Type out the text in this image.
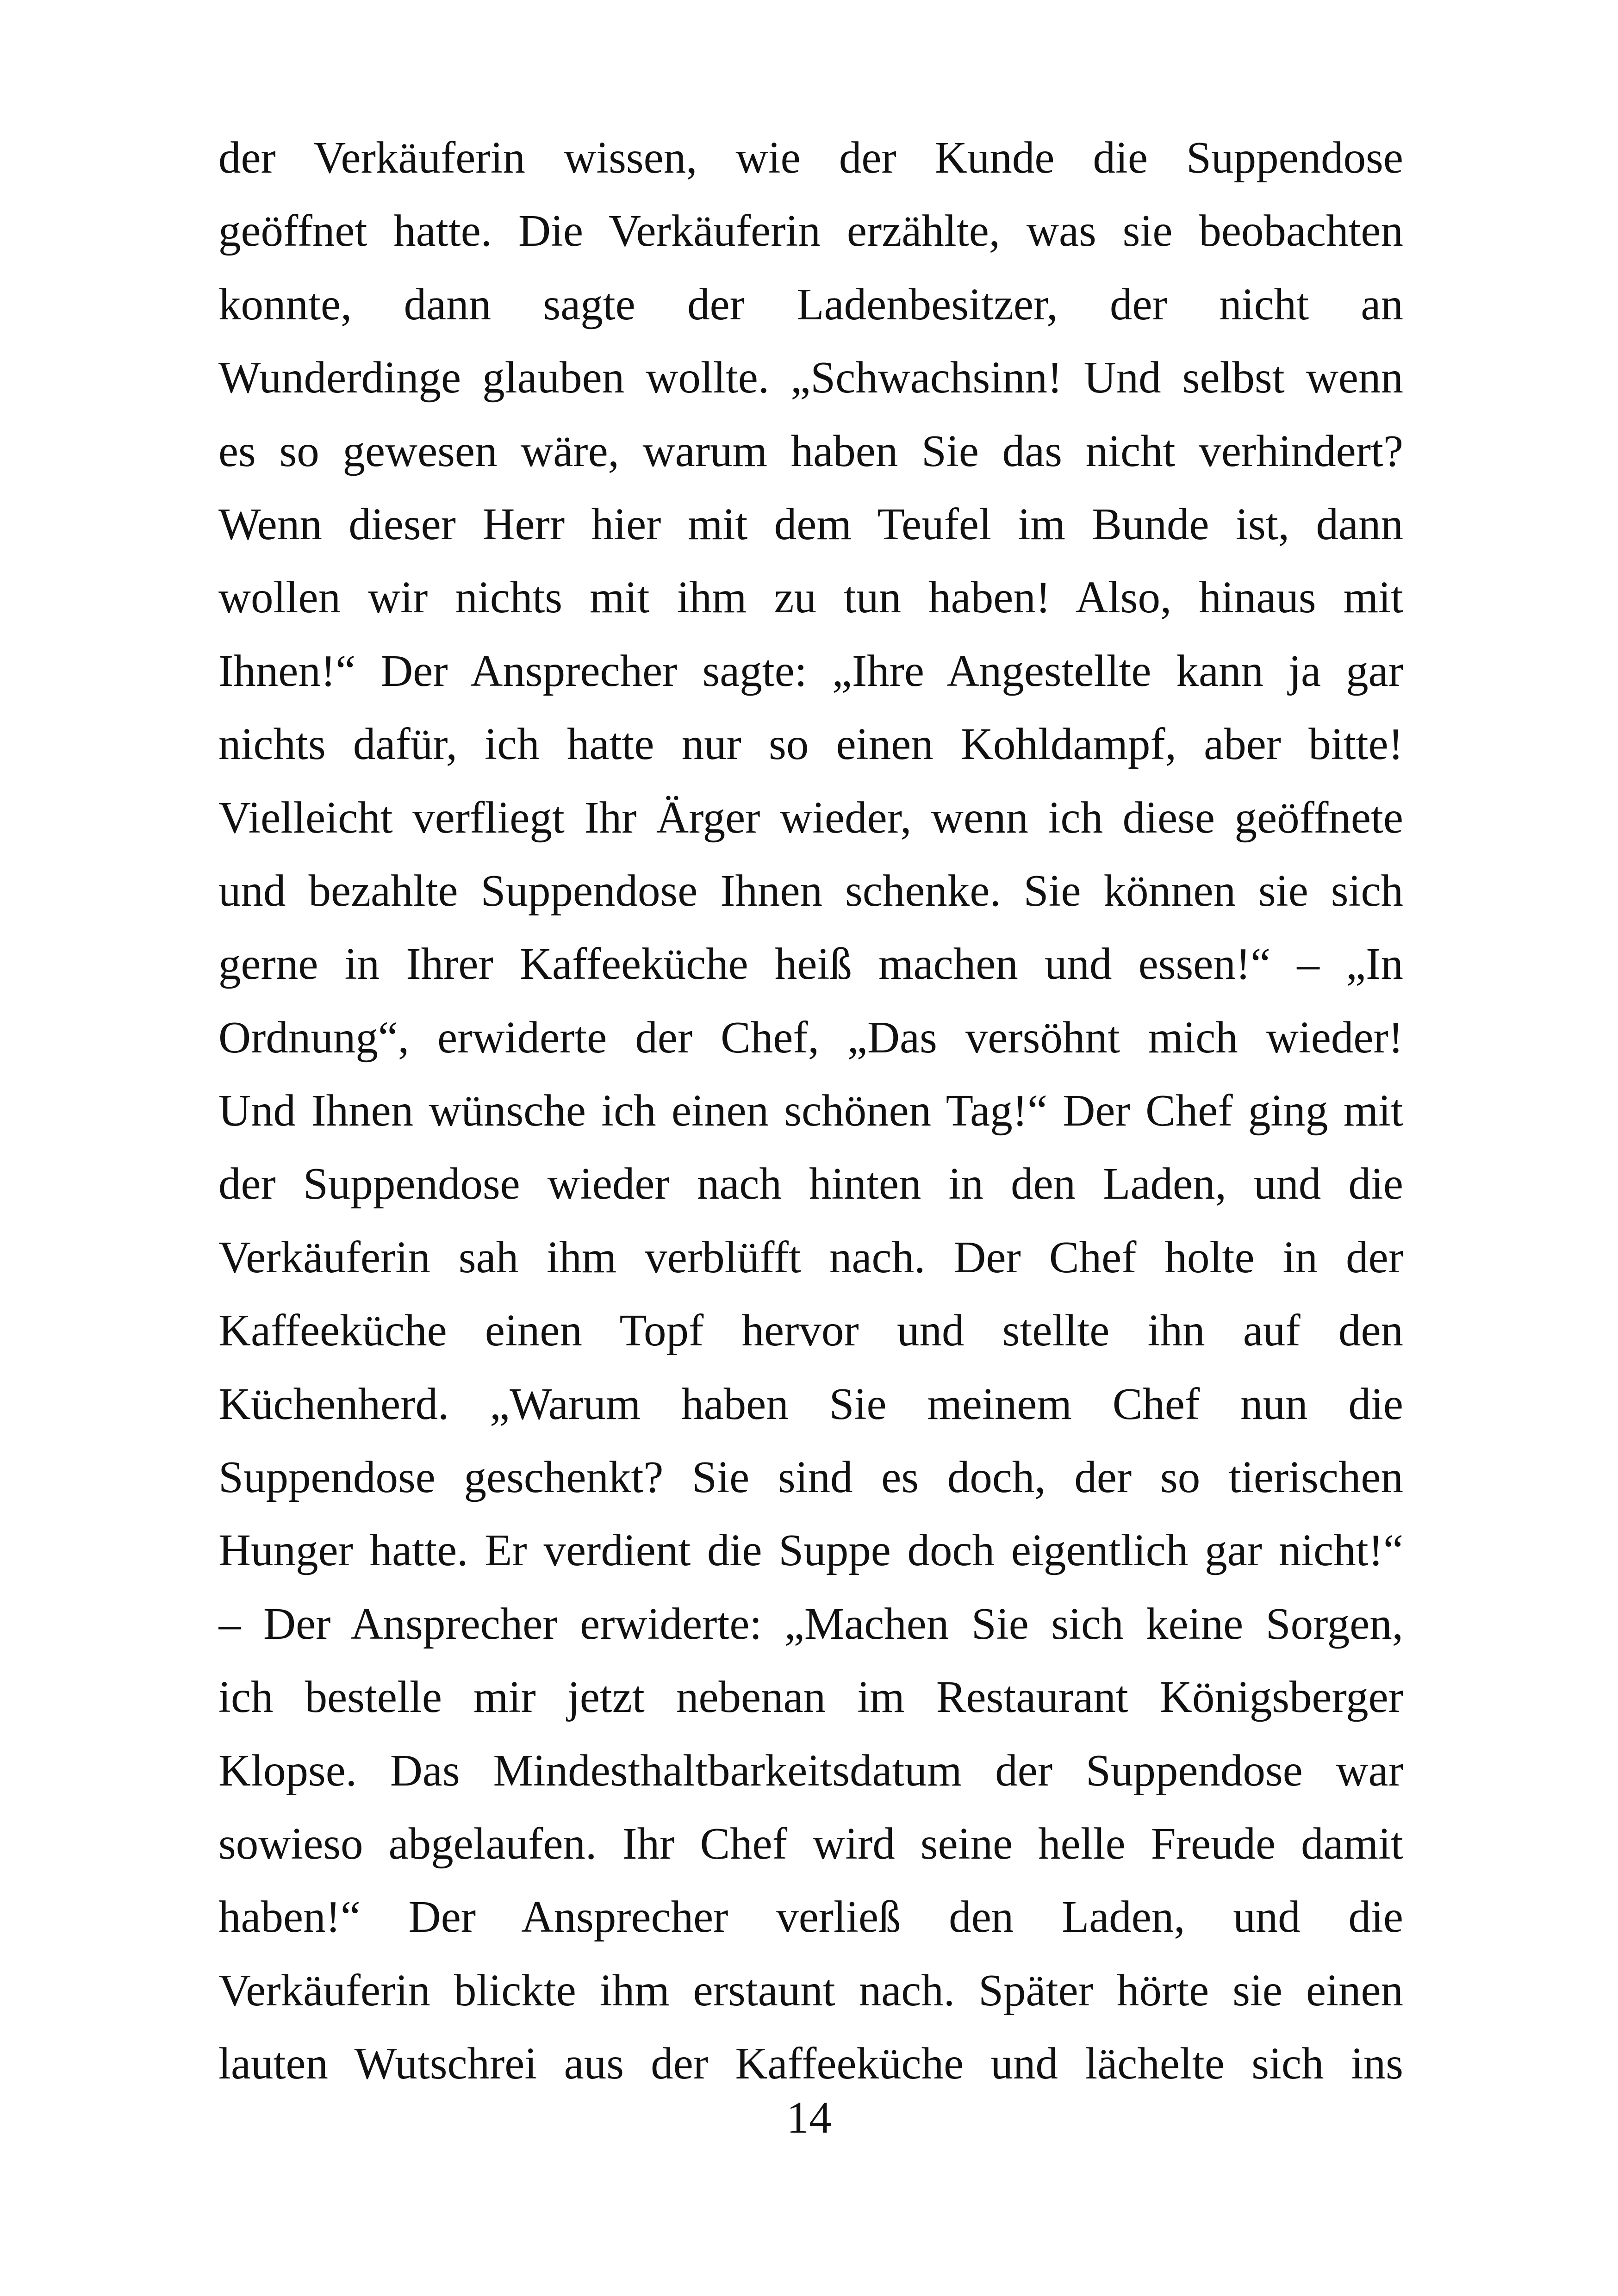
der Verkäuferin wissen, wie der Kunde die Suppendose
geöffnet hatte. Die Verkäuferin erzählte, was sie beobachten
konnte, dann sagte der Ladenbesitzer, der nicht an
Wunderdinge glauben wollte. „Schwachsinn! Und selbst wenn
es so gewesen wäre, warum haben Sie das nicht verhindert?
Wenn dieser Herr hier mit dem Teufel im Bunde ist, dann
wollen wir nichts mit ihm zu tun haben! Also, hinaus mit
Ihnen!“ Der Ansprecher sagte: „Ihre Angestellte kann ja gar
nichts dafür, ich hatte nur so einen Kohldampf, aber bitte!
Vielleicht verfliegt Ihr Ärger wieder, wenn ich diese geöffnete
und bezahlte Suppendose Ihnen schenke. Sie können sie sich
gerne in Ihrer Kaffeeküche heiß machen und essen!“ – „In
Ordnung“, erwiderte der Chef, „Das versöhnt mich wieder!
Und Ihnen wünsche ich einen schönen Tag!“ Der Chef ging mit
der Suppendose wieder nach hinten in den Laden, und die
Verkäuferin sah ihm verblüfft nach. Der Chef holte in der
Kaffeeküche einen Topf hervor und stellte ihn auf den
Küchenherd. „Warum haben Sie meinem Chef nun die
Suppendose geschenkt? Sie sind es doch, der so tierischen
Hunger hatte. Er verdient die Suppe doch eigentlich gar nicht!“
– Der Ansprecher erwiderte: „Machen Sie sich keine Sorgen,
ich bestelle mir jetzt nebenan im Restaurant Königsberger
Klopse. Das Mindesthaltbarkeitsdatum der Suppendose war
sowieso abgelaufen. Ihr Chef wird seine helle Freude damit
haben!“ Der Ansprecher verließ den Laden, und die
Verkäuferin blickte ihm erstaunt nach. Später hörte sie einen
lauten Wutschrei aus der Kaffeeküche und lächelte sich ins
14
